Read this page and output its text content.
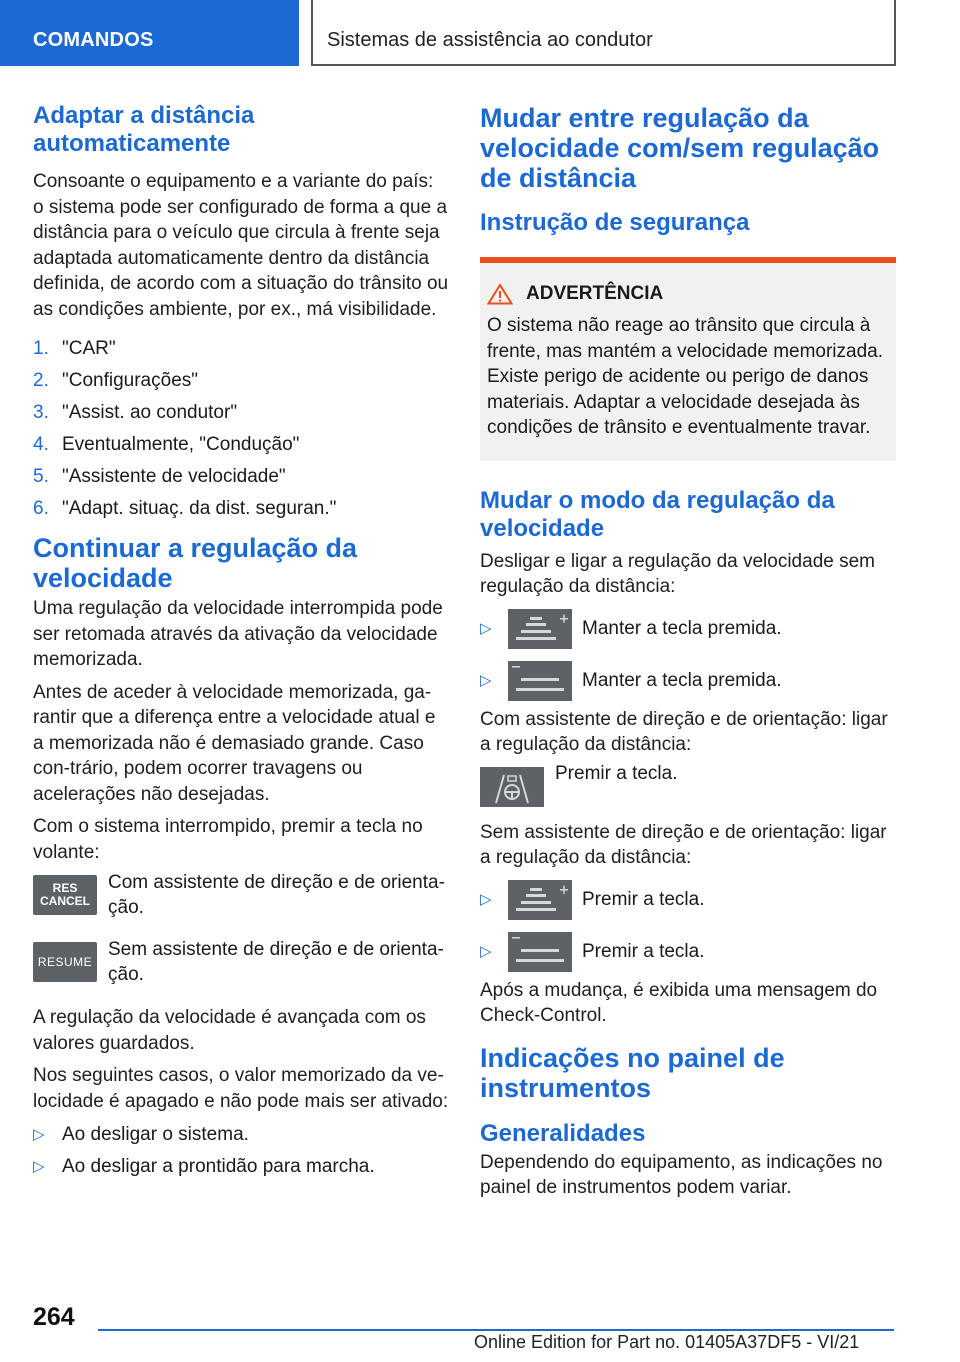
COMANDOS	Sistemas de assistência ao condutor
Adaptar a distância automaticamente
Consoante o equipamento e a variante do país: o sistema pode ser configurado de forma a que a distância para o veículo que circula à frente seja adaptada automaticamente dentro da distância definida, de acordo com a situação do trânsito ou as condições ambiente, por ex., má visibilidade.
1. "CAR"
2. "Configurações"
3. "Assist. ao condutor"
4. Eventualmente, "Condução"
5. "Assistente de velocidade"
6. "Adapt. situaç. da dist. seguran."
Continuar a regulação da velocidade
Uma regulação da velocidade interrompida pode ser retomada através da ativação da velocidade memorizada.
Antes de aceder à velocidade memorizada, ga-rantir que a diferença entre a velocidade atual e a memorizada não é demasiado grande. Caso con-trário, podem ocorrer travagens ou acelerações não desejadas.
Com o sistema interrompido, premir a tecla no volante:
RES
CANCEL
Com assistente de direção e de orienta-ção.
RESUME
Sem assistente de direção e de orienta-ção.
A regulação da velocidade é avançada com os valores guardados.
Nos seguintes casos, o valor memorizado da ve-locidade é apagado e não pode mais ser ativado:
▷ Ao desligar o sistema.
▷ Ao desligar a prontidão para marcha.
Mudar entre regulação da velocidade com/sem regulação de distância
Instrução de segurança
ADVERTÊNCIA
O sistema não reage ao trânsito que circula à frente, mas mantém a velocidade memorizada. Existe perigo de acidente ou perigo de danos materiais. Adaptar a velocidade desejada às condições de trânsito e eventualmente travar.
Mudar o modo da regulação da velocidade
Desligar e ligar a regulação da velocidade sem regulação da distância:
▷	Manter a tecla premida.
▷	Manter a tecla premida.
Com assistente de direção e de orientação: ligar a regulação da distância:
Premir a tecla.
Sem assistente de direção e de orientação: ligar a regulação da distância:
▷	Premir a tecla.
▷	Premir a tecla.
Após a mudança, é exibida uma mensagem do Check-Control.
Indicações no painel de instrumentos
Generalidades
Dependendo do equipamento, as indicações no painel de instrumentos podem variar.
264
Online Edition for Part no. 01405A37DF5 - VI/21
